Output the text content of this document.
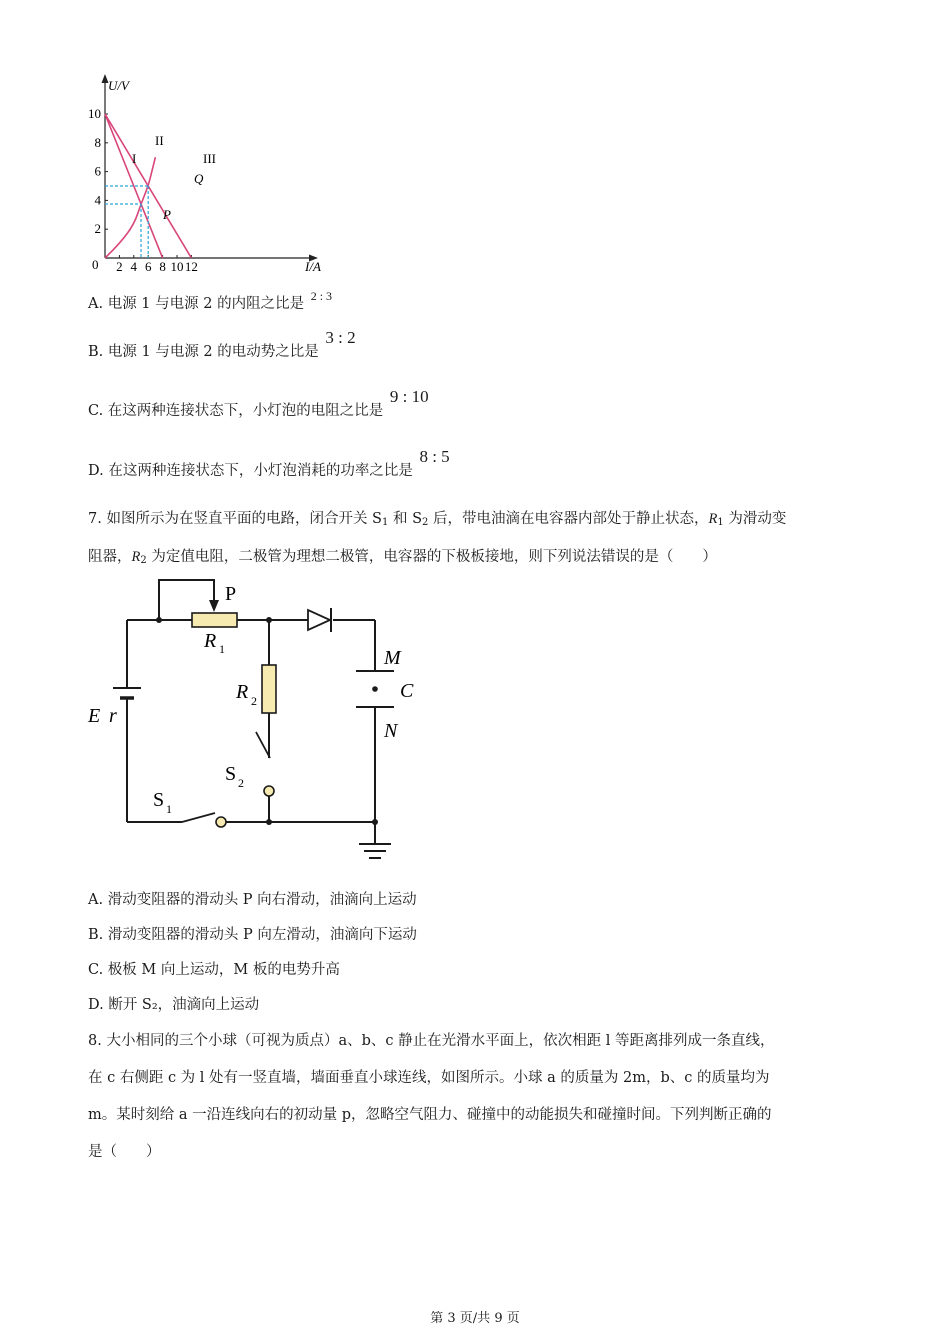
U/V
I/A
0 2 4 6 8 10 12
2
4
6
8
10
I
II
III
P
Q
A. 电源 1 与电源 2 的内阻之比是 $^{2 : 3}$
B. 电源 1 与电源 2 的电动势之比是 3 : 2
C. 在这两种连接状态下，小灯泡的电阻之比是 9 : 10
D. 在这两种连接状态下，小灯泡消耗的功率之比是 8 : 5
7. 如图所示为在竖直平面的电路，闭合开关 $S_1$ 和 $S_2$ 后，带电油滴在电容器内部处于静止状态，$R_1$ 为滑动变
阻器，$R_2$ 为定值电阻，二极管为理想二极管，电容器的下极板接地，则下列说法错误的是（　　）
P
R 1
R 2
M
C
N
E r
S 2
S 1
A. 滑动变阻器的滑动头 P 向右滑动，油滴向上运动
B. 滑动变阻器的滑动头 P 向左滑动，油滴向下运动
C. 极板 M 向上运动，M 板的电势升高
D. 断开 S₂，油滴向上运动
8. 大小相同的三个小球（可视为质点）a、b、c 静止在光滑水平面上，依次相距 l 等距离排列成一条直线，
在 c 右侧距 c 为 l 处有一竖直墙，墙面垂直小球连线，如图所示。小球 a 的质量为 2m，b、c 的质量均为
m。某时刻给 a 一沿连线向右的初动量 p，忽略空气阻力、碰撞中的动能损失和碰撞时间。下列判断正确的
是（　　）
第 3 页/共 9 页
